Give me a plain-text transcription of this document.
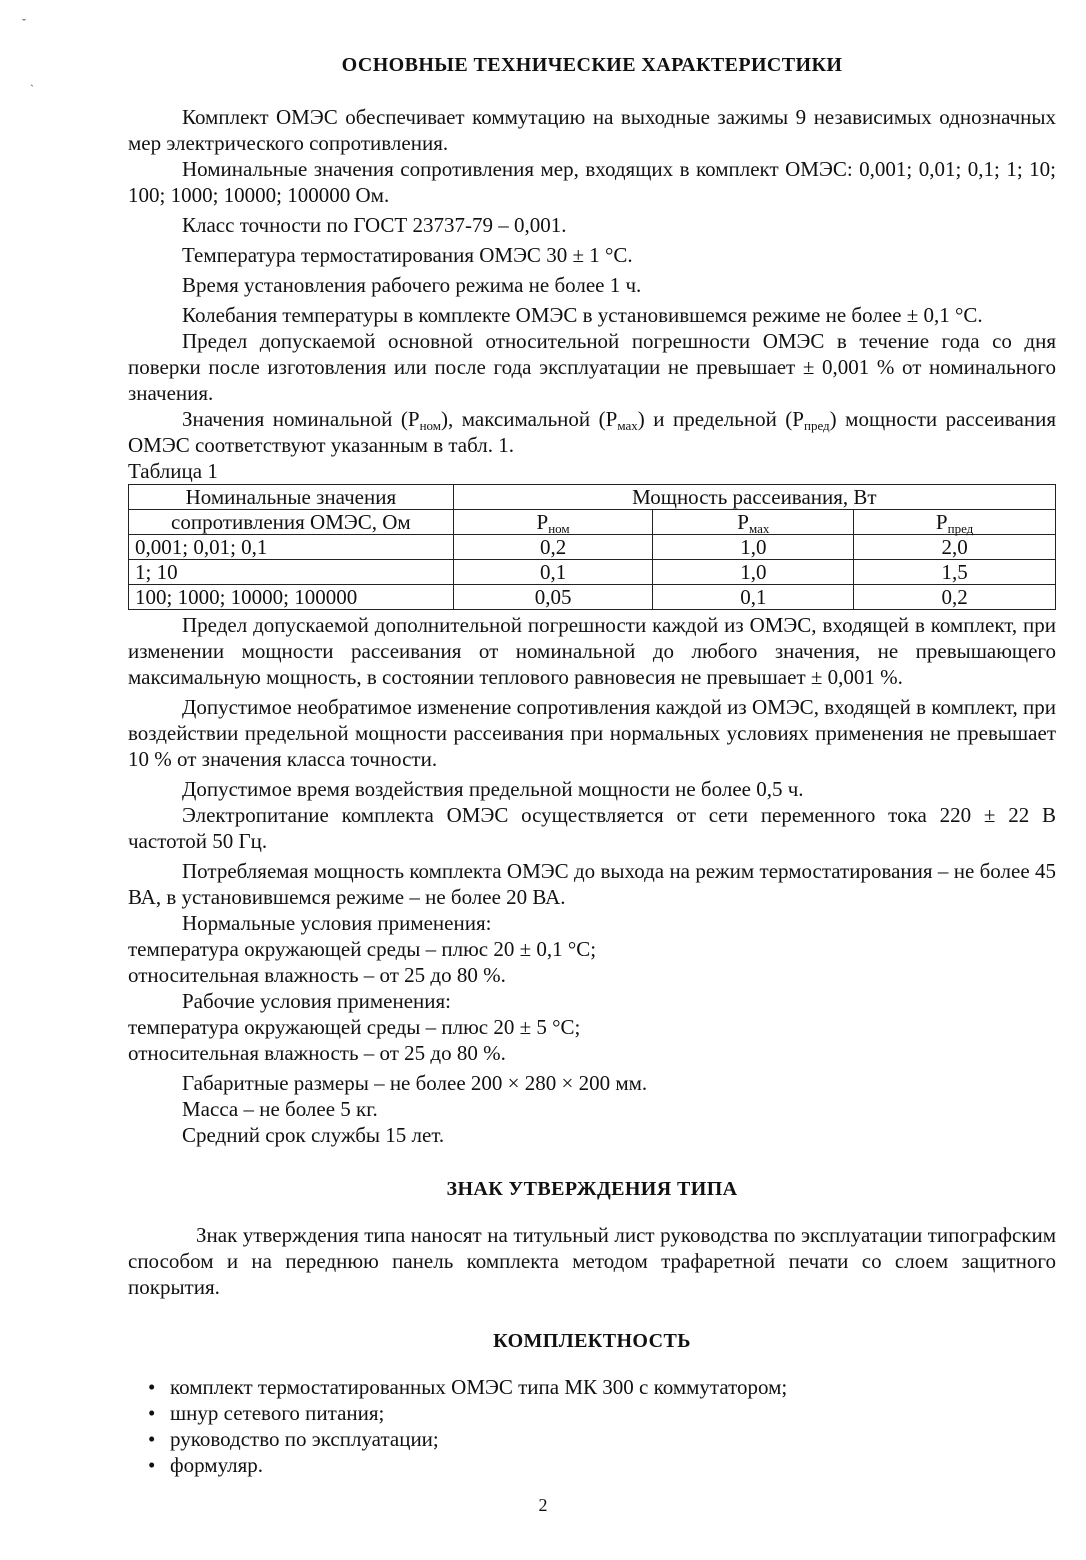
ˇ
`
ОСНОВНЫЕ ТЕХНИЧЕСКИЕ ХАРАКТЕРИСТИКИ

Комплект ОМЭС обеспечивает коммутацию на выходные зажимы 9 независимых однозначных мер электрического сопротивления.

Номинальные значения сопротивления мер, входящих в комплект ОМЭС: 0,001; 0,01; 0,1; 1; 10; 100; 1000; 10000; 100000 Ом.

Класс точности по ГОСТ 23737-79 – 0,001.

Температура термостатирования ОМЭС 30 ± 1 °С.

Время установления рабочего режима не более 1 ч.

Колебания температуры в комплекте ОМЭС в установившемся режиме не более ± 0,1 °С.

Предел допускаемой основной относительной погрешности ОМЭС в течение года со дня поверки после изготовления или после года эксплуатации не превышает ± 0,001 % от номинального значения.

Значения номинальной $(Р_{ном})$, максимальной $(Р_{мах})$ и предельной $(Р_{пред})$ мощности рассеивания ОМЭС соответствуют указанным в табл. 1.

Таблица 1

Номинальные значения	Мощность рассеивания, Вт		
сопротивления ОМЭС, Ом	$Р_{ном}$	$Р_{мах}$	$Р_{пред}$
0,001; 0,01; 0,1	0,2	1,0	2,0
1; 10	0,1	1,0	1,5
100; 1000; 10000; 100000	0,05	0,1	0,2

Предел допускаемой дополнительной погрешности каждой из ОМЭС, входящей в комплект, при изменении мощности рассеивания от номинальной до любого значения, не превышающего максимальную мощность, в состоянии теплового равновесия не превышает ± 0,001 %.

Допустимое необратимое изменение сопротивления каждой из ОМЭС, входящей в комплект, при воздействии предельной мощности рассеивания при нормальных условиях применения не превышает 10 % от значения класса точности.

Допустимое время воздействия предельной мощности не более 0,5 ч.

Электропитание комплекта ОМЭС осуществляется от сети переменного тока 220 ± 22 В частотой 50 Гц.

Потребляемая мощность комплекта ОМЭС до выхода на режим термостатирования – не более 45 ВА, в установившемся режиме – не более 20 ВА.

Нормальные условия применения:

температура окружающей среды – плюс 20 ± 0,1 °С;

относительная влажность – от 25 до 80 %.

Рабочие условия применения:

температура окружающей среды – плюс 20 ± 5 °С;

относительная влажность – от 25 до 80 %.

Габаритные размеры – не более 200 × 280 × 200 мм.

Масса – не более 5 кг.

Средний срок службы 15 лет.

ЗНАК УТВЕРЖДЕНИЯ ТИПА

Знак утверждения типа наносят на титульный лист руководства по эксплуатации типографским способом и на переднюю панель комплекта методом трафаретной печати со слоем защитного покрытия.

КОМПЛЕКТНОСТЬ
• комплект термостатированных ОМЭС типа МК 300 с коммутатором;
• шнур сетевого питания;
• руководство по эксплуатации;
• формуляр.
2
